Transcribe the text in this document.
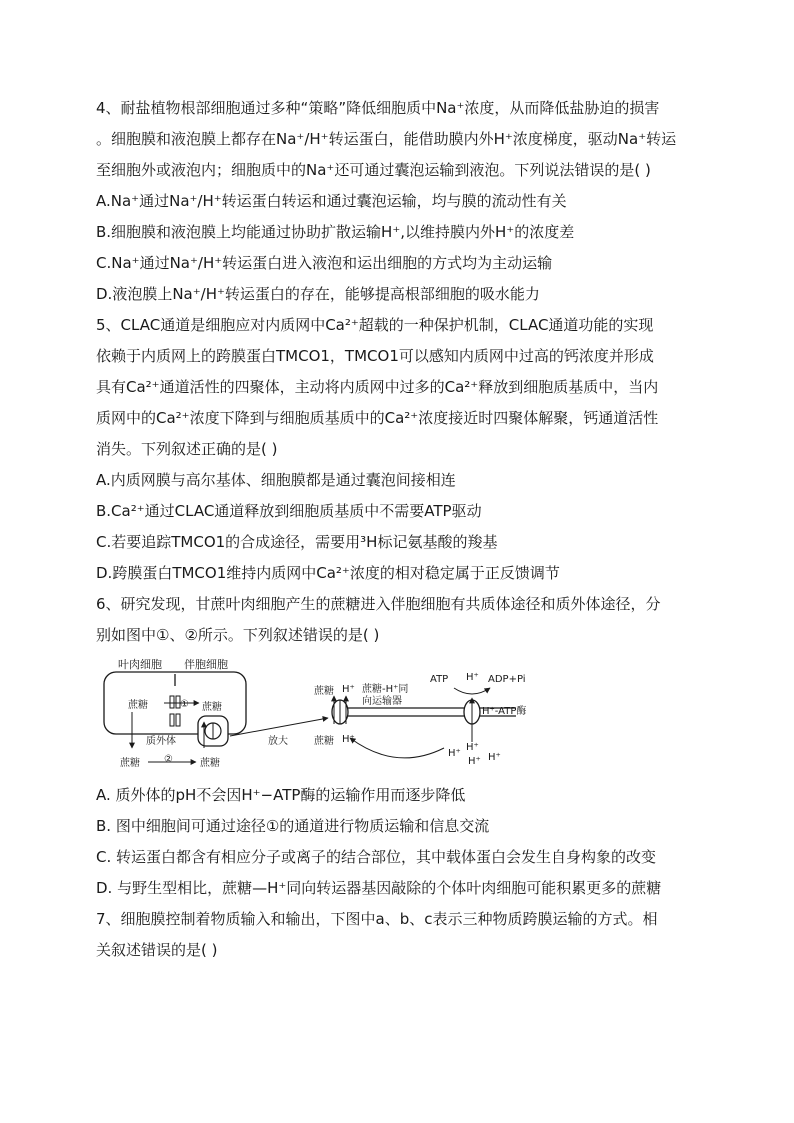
4、耐盐植物根部细胞通过多种“策略”降低细胞质中Na⁺浓度，从而降低盐胁迫的损害
。细胞膜和液泡膜上都存在Na⁺/H⁺转运蛋白，能借助膜内外H⁺浓度梯度，驱动Na⁺转运
至细胞外或液泡内；细胞质中的Na⁺还可通过囊泡运输到液泡。下列说法错误的是( )
A.Na⁺通过Na⁺/H⁺转运蛋白转运和通过囊泡运输，均与膜的流动性有关
B.细胞膜和液泡膜上均能通过协助扩散运输H⁺,以维持膜内外H⁺的浓度差
C.Na⁺通过Na⁺/H⁺转运蛋白进入液泡和运出细胞的方式均为主动运输
D.液泡膜上Na⁺/H⁺转运蛋白的存在，能够提高根部细胞的吸水能力
5、CLAC通道是细胞应对内质网中Ca²⁺超载的一种保护机制，CLAC通道功能的实现
依赖于内质网上的跨膜蛋白TMCO1，TMCO1可以感知内质网中过高的钙浓度并形成
具有Ca²⁺通道活性的四聚体，主动将内质网中过多的Ca²⁺释放到细胞质基质中，当内
质网中的Ca²⁺浓度下降到与细胞质基质中的Ca²⁺浓度接近时四聚体解聚，钙通道活性
消失。下列叙述正确的是( )
A.内质网膜与高尔基体、细胞膜都是通过囊泡间接相连
B.Ca²⁺通过CLAC通道释放到细胞质基质中不需要ATP驱动
C.若要追踪TMCO1的合成途径，需要用³H标记氨基酸的羧基
D.跨膜蛋白TMCO1维持内质网中Ca²⁺浓度的相对稳定属于正反馈调节
6、研究发现，甘蔗叶肉细胞产生的蔗糖进入伴胞细胞有共质体途径和质外体途径，分
别如图中①、②所示。下列叙述错误的是( )
叶肉细胞 伴胞细胞
蔗糖	① 蔗糖
质外体
蔗糖 ②	蔗糖
放大
蔗糖 H⁺ 蔗糖-H⁺同
向运输器
蔗糖 H⁺
ATP H⁺ ADP+Pi
H⁺-ATP酶
H⁺
H⁺
H⁺ H⁺
A. 质外体的pH不会因H⁺−ATP酶的运输作用而逐步降低
B. 图中细胞间可通过途径①的通道进行物质运输和信息交流
C. 转运蛋白都含有相应分子或离子的结合部位，其中载体蛋白会发生自身构象的改变
D. 与野生型相比，蔗糖—H⁺同向转运器基因敲除的个体叶肉细胞可能积累更多的蔗糖
7、细胞膜控制着物质输入和输出，下图中a、b、c表示三种物质跨膜运输的方式。相
关叙述错误的是( )
